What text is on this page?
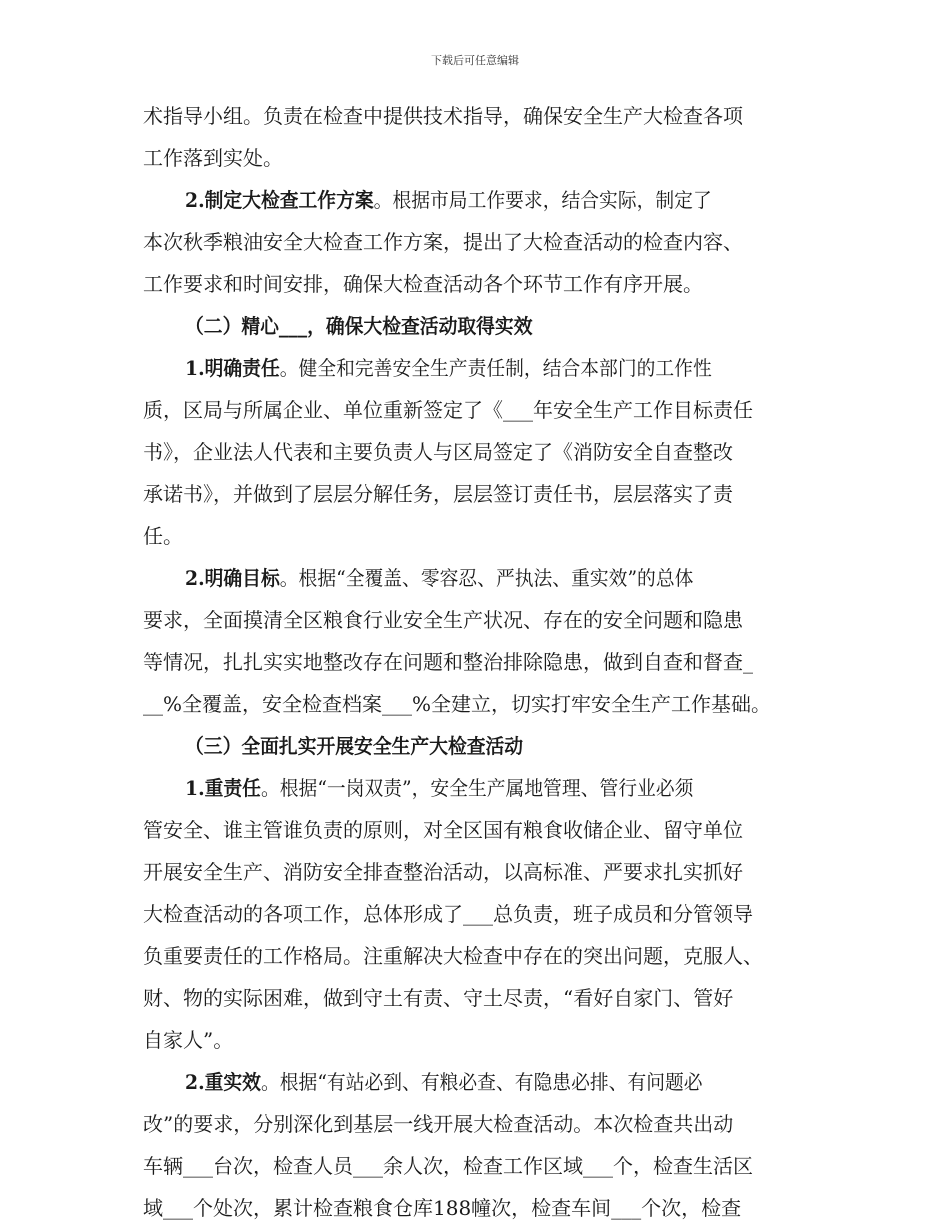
下载后可任意编辑
术指导小组。负责在检查中提供技术指导，确保安全生产大检查各项
工作落到实处。
2.制定大检查工作方案。根据市局工作要求，结合实际，制定了
本次秋季粮油安全大检查工作方案，提出了大检查活动的检查内容、
工作要求和时间安排，确保大检查活动各个环节工作有序开展。
（二）精心___，确保大检查活动取得实效
1.明确责任。健全和完善安全生产责任制，结合本部门的工作性
质，区局与所属企业、单位重新签定了《___年安全生产工作目标责任
书》，企业法人代表和主要负责人与区局签定了《消防安全自查整改
承诺书》，并做到了层层分解任务，层层签订责任书，层层落实了责
任。
2.明确目标。根据“全覆盖、零容忍、严执法、重实效”的总体
要求，全面摸清全区粮食行业安全生产状况、存在的安全问题和隐患
等情况，扎扎实实地整改存在问题和整治排除隐患，做到自查和督查_
__%全覆盖，安全检查档案___%全建立，切实打牢安全生产工作基础。
（三）全面扎实开展安全生产大检查活动
1.重责任。根据“一岗双责”，安全生产属地管理、管行业必须
管安全、谁主管谁负责的原则，对全区国有粮食收储企业、留守单位
开展安全生产、消防安全排查整治活动，以高标准、严要求扎实抓好
大检查活动的各项工作，总体形成了___总负责，班子成员和分管领导
负重要责任的工作格局。注重解决大检查中存在的突出问题，克服人、
财、物的实际困难，做到守土有责、守土尽责，“看好自家门、管好
自家人”。
2.重实效。根据“有站必到、有粮必查、有隐患必排、有问题必
改”的要求，分别深化到基层一线开展大检查活动。本次检查共出动
车辆___台次，检查人员___余人次，检查工作区域___个，检查生活区
域___个处次，累计检查粮食仓库188幢次，检查车间___个次，检查
